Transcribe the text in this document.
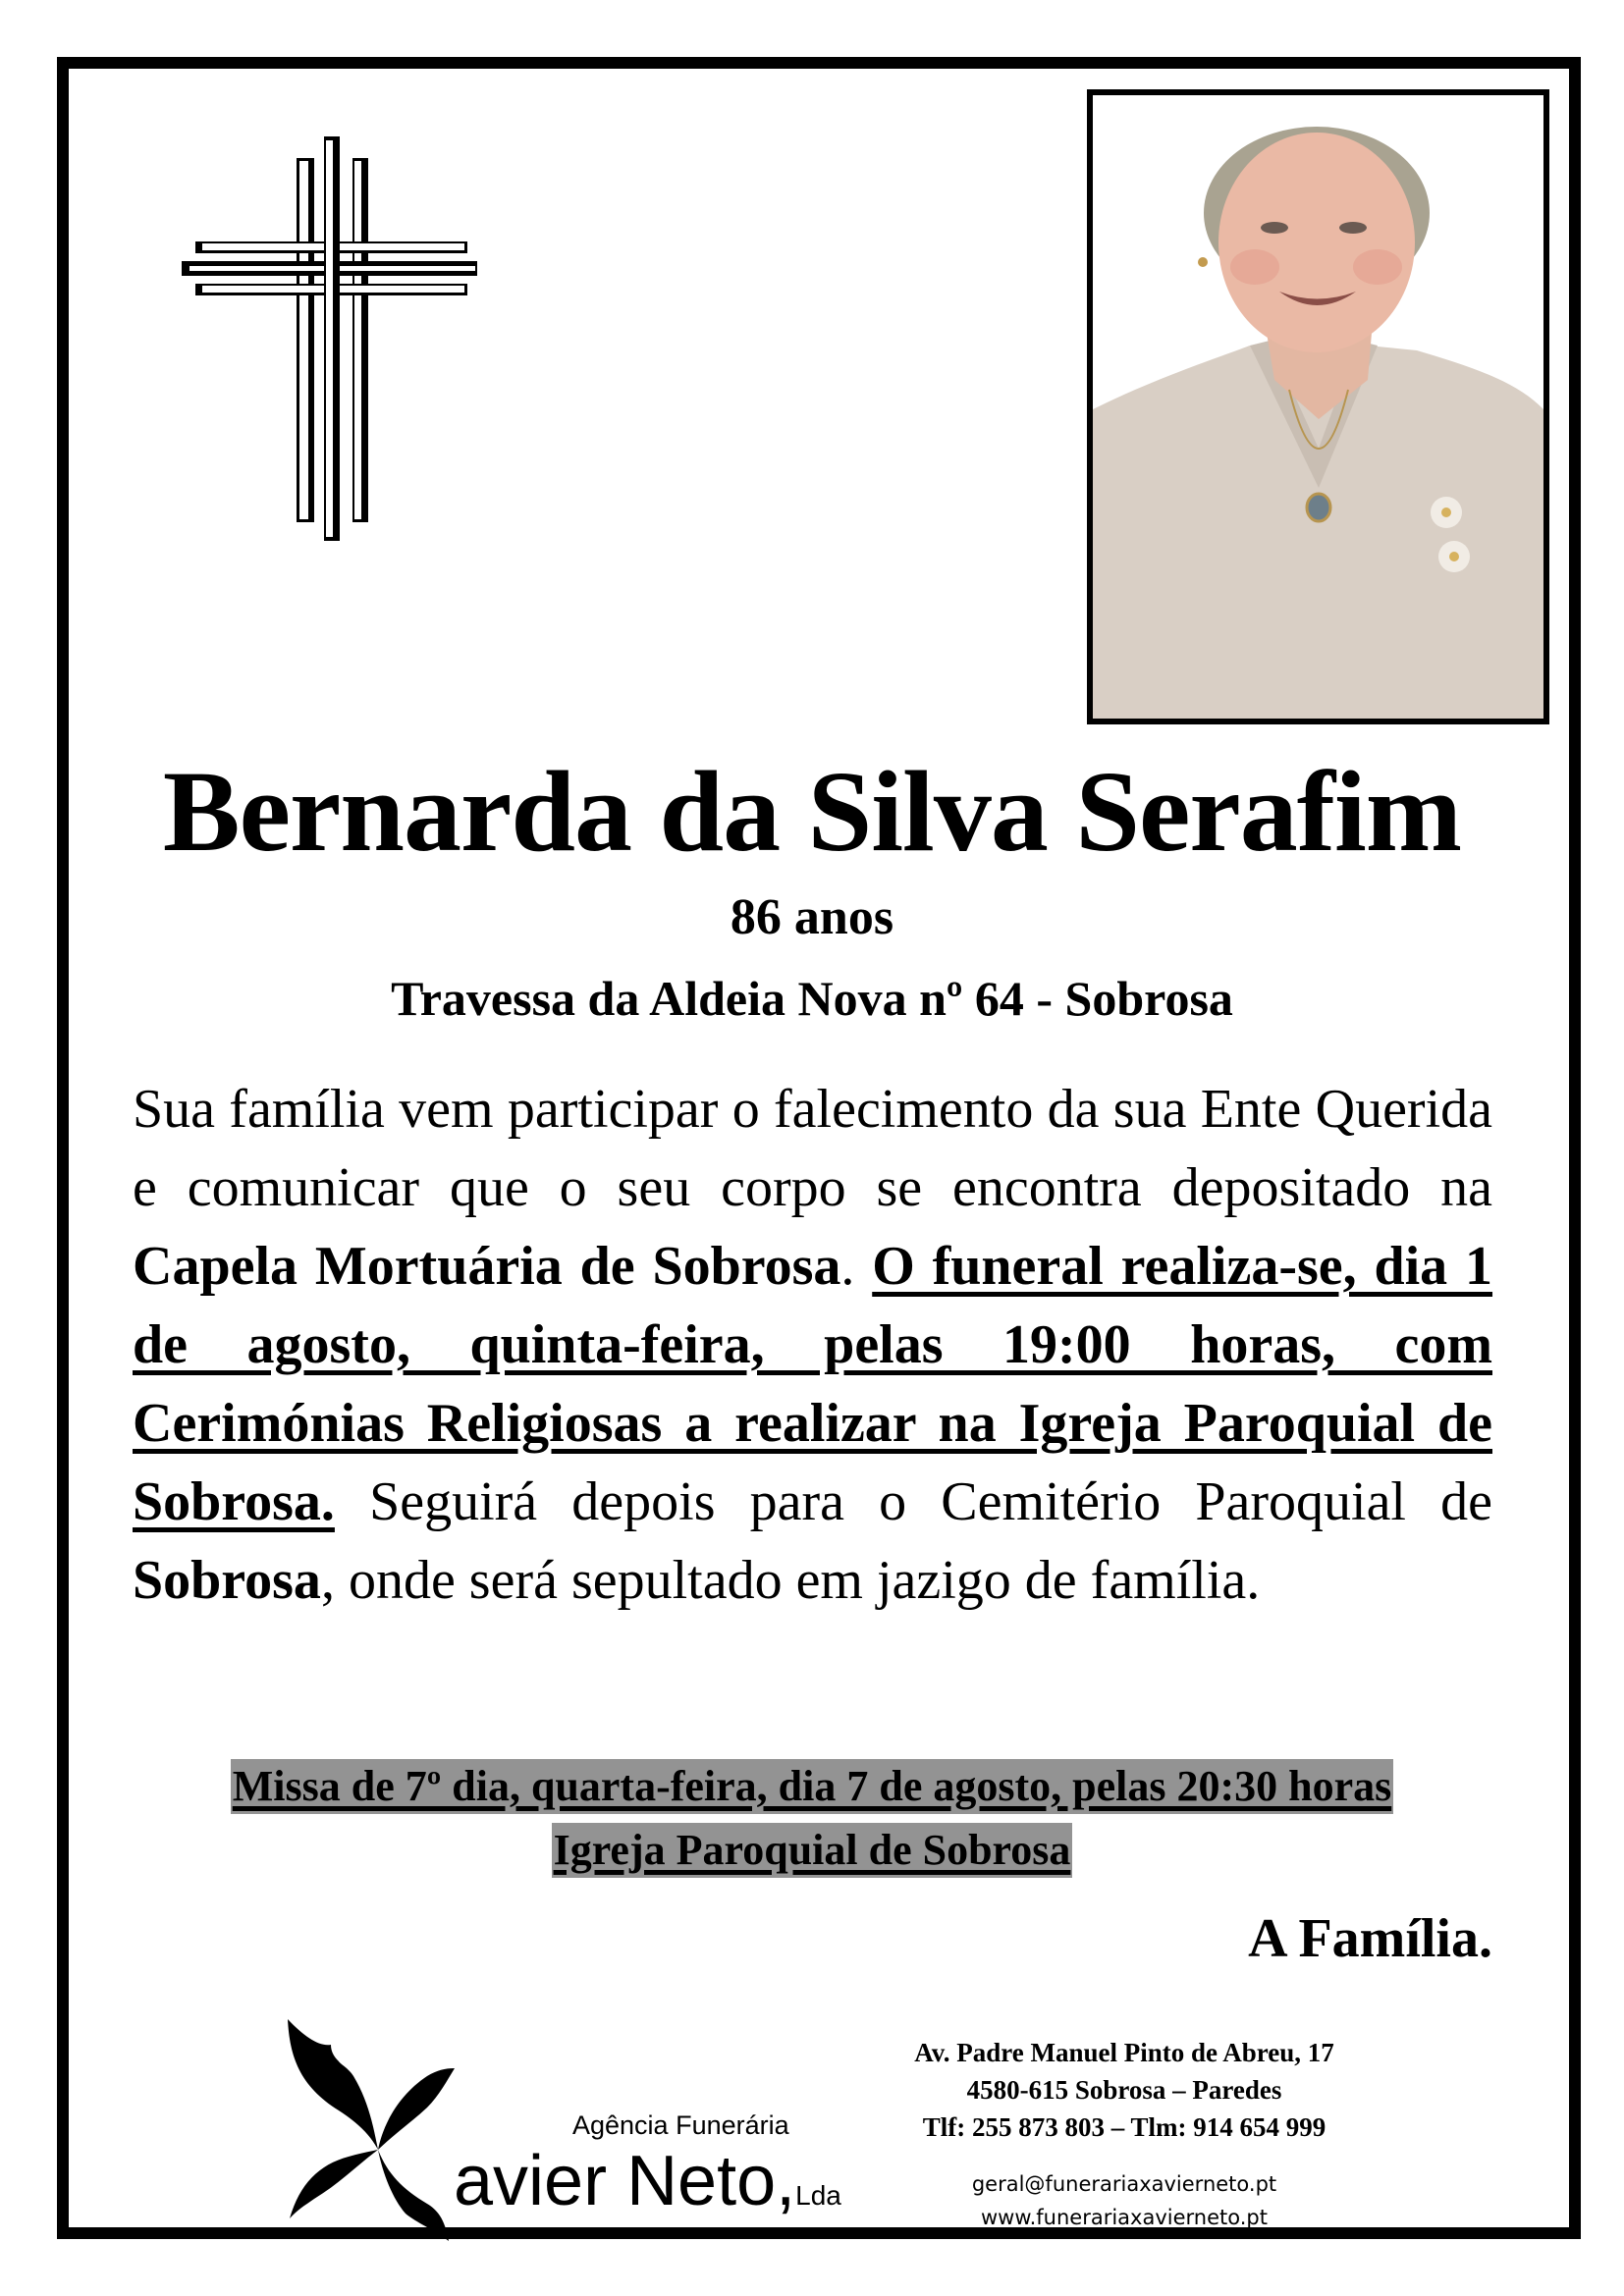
Bernarda da Silva Serafim
86 anos
Travessa da Aldeia Nova nº 64 - Sobrosa
Sua família vem participar o falecimento da sua Ente Querida e comunicar que o seu corpo se encontra depositado na Capela Mortuária de Sobrosa. O funeral realiza-se, dia 1 de agosto, quinta-feira, pelas 19:00 horas, com Cerimónias Religiosas a realizar na Igreja Paroquial de Sobrosa. Seguirá depois para o Cemitério Paroquial de Sobrosa, onde será sepultado em jazigo de família.
Missa de 7º dia, quarta-feira, dia 7 de agosto, pelas 20:30 horas
Igreja Paroquial de Sobrosa
A Família.
Agência Funerária
avier Neto,Lda
Av. Padre Manuel Pinto de Abreu, 17
4580-615 Sobrosa – Paredes
Tlf: 255 873 803 – Tlm: 914 654 999
geral@funerariaxavierneto.pt
www.funerariaxavierneto.pt
